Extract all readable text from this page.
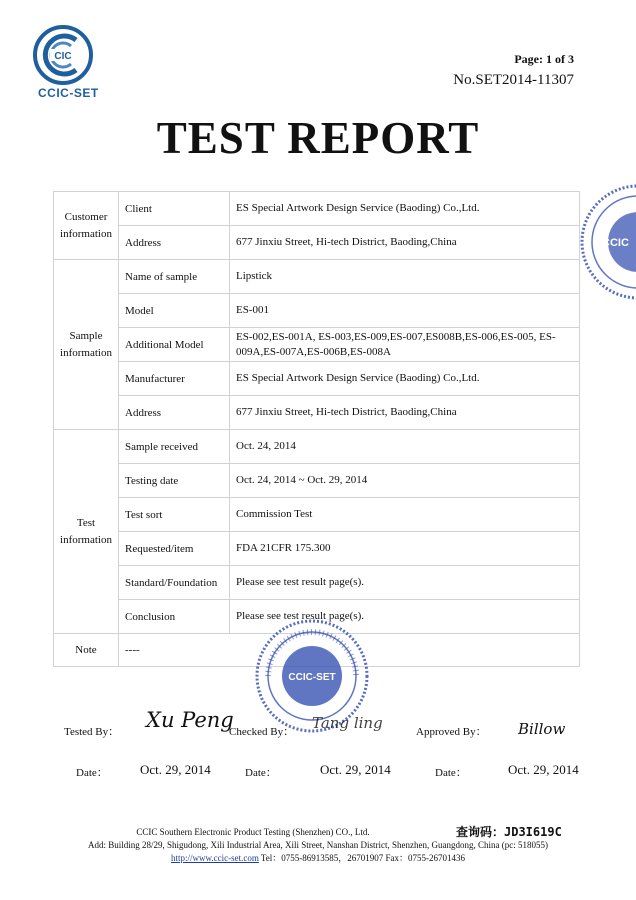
CIC
CCIC-SET
Page: 1 of 3
No.SET2014-11307
TEST REPORT
Customer information	Client	ES Special Artwork Design Service (Baoding) Co.,Ltd.
	Address	677 Jinxiu Street, Hi-tech District, Baoding,China
Sample information	Name of sample	Lipstick
	Model	ES-001
	Additional Model	ES-002,ES-001A, ES-003,ES-009,ES-007,ES008B,ES-006,ES-005, ES-009A,ES-007A,ES-006B,ES-008A
	Manufacturer	ES Special Artwork Design Service (Baoding) Co.,Ltd.
	Address	677 Jinxiu Street, Hi-tech District, Baoding,China
Test information	Sample received	Oct. 24, 2014
	Testing date	Oct. 24, 2014 ~ Oct. 29, 2014
	Test sort	Commission Test
	Requested/item	FDA 21CFR 175.300
	Standard/Foundation	Please see test result page(s).
	Conclusion	Please see test result page(s).
Note	----	
CCIC
CCIC-SET
Tested By： Xu Peng
Checked By： Tang ling	Approved By： Billow
Date： Oct. 29, 2014	Date：	Oct. 29, 2014	Date：	Oct. 29, 2014
CCIC Southern Electronic Product Testing (Shenzhen) CO., Ltd.
Add: Building 28/29, Shigudong, Xili Industrial Area, Xili Street, Nanshan District, Shenzhen, Guangdong, China (pc: 518055)
http://www.ccic-set.com Tel：0755-86913585，26701907 Fax：0755-26701436
查询码：JD3I619C
